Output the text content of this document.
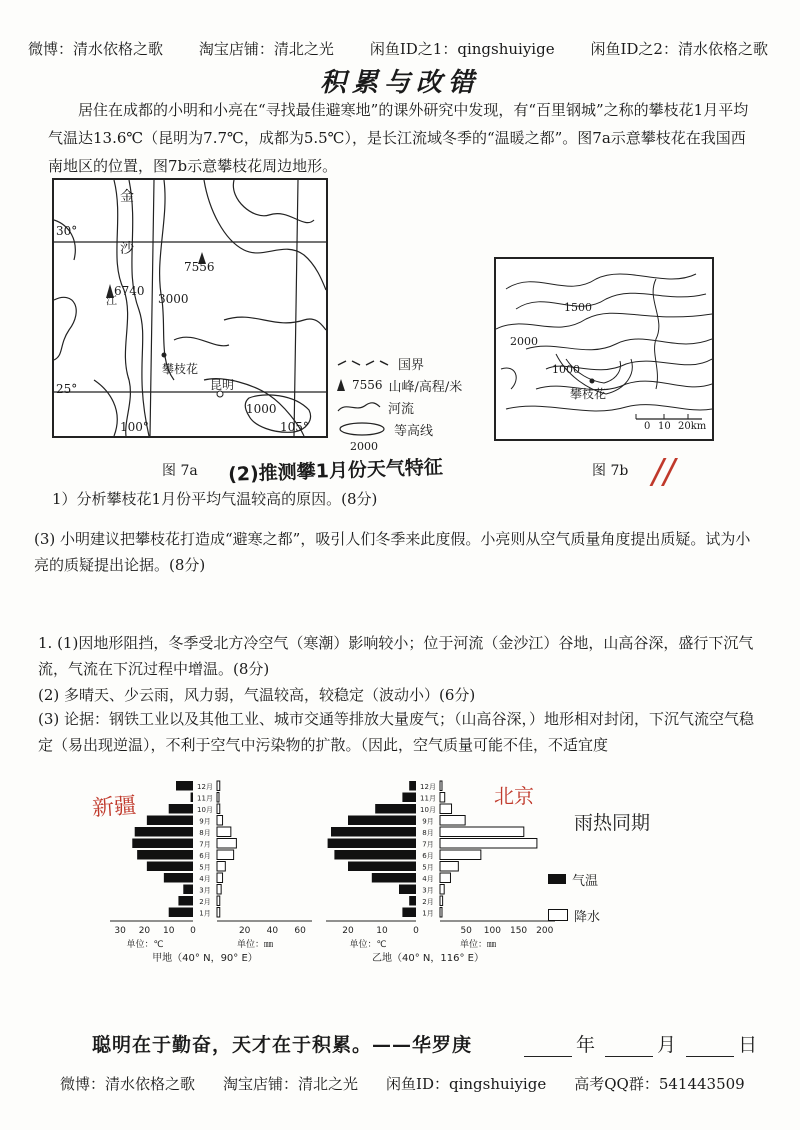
微博：清水依格之歌 淘宝店铺：清北之光 闲鱼ID之1：qingshuiyige 闲鱼ID之2：清水依格之歌
积累与改错
居住在成都的小明和小亮在“寻找最佳避寒地”的课外研究中发现，有“百里钢城”之称的攀枝花1月平均气温达13.6℃（昆明为7.7℃，成都为5.5℃），是长江流域冬季的“温暖之都”。图7a示意攀枝花在我国西南地区的位置，图7b示意攀枝花周边地形。
金
沙
江
30°
25°
100°	105°
7556
6740
3000
1000
攀枝花
昆明
国界
7556 山峰/高程/米
河流
等高线
2000
图 7a
1500
2000
1000
攀枝花
0 10 20km
图 7b
(2)推测攀1月份天气特征	//
1）分析攀枝花1月份平均气温较高的原因。(8分)
(3) 小明建议把攀枝花打造成“避寒之都”，吸引人们冬季来此度假。小亮则从空气质量角度提出质疑。试为小亮的质疑提出论据。(8分)
1. (1)因地形阻挡，冬季受北方冷空气（寒潮）影响较小；位于河流（金沙江）谷地，山高谷深，盛行下沉气流，气流在下沉过程中增温。(8分)
(2) 多晴天、少云雨，风力弱，气温较高，较稳定（波动小）(6分)
(3) 论据：钢铁工业以及其他工业、城市交通等排放大量废气；（山高谷深，）地形相对封闭，下沉气流空气稳定（易出现逆温），不利于空气中污染物的扩散。（因此，空气质量可能不佳，不适宜度
新疆	北京
雨热同期
12月
11月
10月
9月
8月
7月
6月
5月
4月
3月
2月
1月
30 20 10 0	20 40 60
单位：℃	单位：㎜
甲地（40° N，90° E）
12月
11月
10月
9月
8月
7月
6月
5月
4月
3月
2月
1月
20	10	0	50 100 150 200
单位：℃	单位：㎜
乙地（40° N，116° E）
气温
降水
聪明在于勤奋，天才在于积累。——华罗庚	年	月	日
微博：清水依格之歌 淘宝店铺：清北之光 闲鱼ID：qingshuiyige 高考QQ群：541443509
